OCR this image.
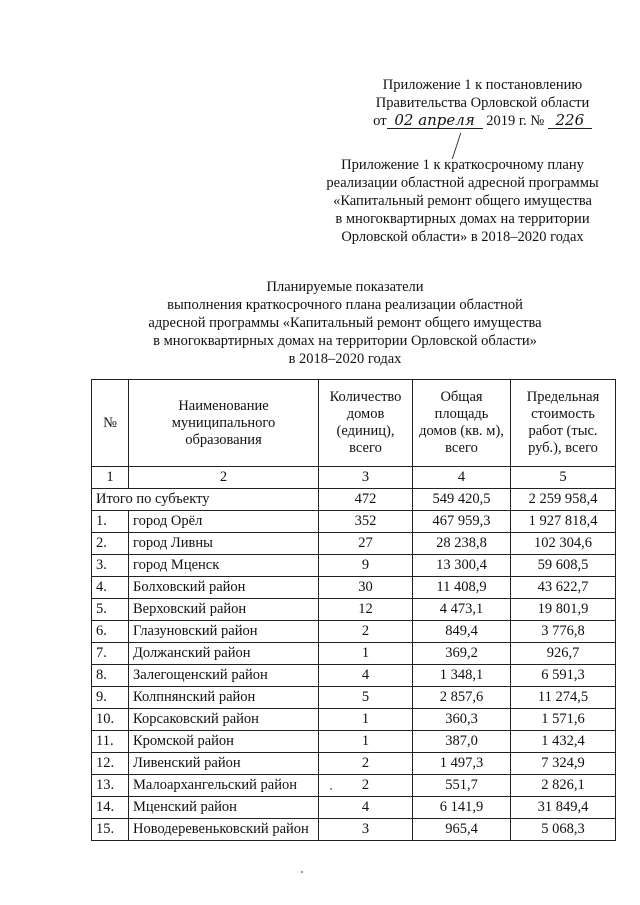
Приложение 1 к постановлению
Правительства Орловской области
от 02 апреля 2019 г. № 226
Приложение 1 к краткосрочному плану
реализации областной адресной программы
«Капитальный ремонт общего имущества
в многоквартирных домах на территории
Орловской области» в 2018–2020 годах
Планируемые показатели
выполнения краткосрочного плана реализации областной
адресной программы «Капитальный ремонт общего имущества
в многоквартирных домах на территории Орловской области»
в 2018–2020 годах
№	Наименование муниципального образования	Количество домов (единиц), всего	Общая площадь домов (кв. м), всего	Предельная стоимость работ (тыс. руб.), всего
1	2	3	4	5
Итого по субъекту		472	549 420,5	2 259 958,4
1.	город Орёл	352	467 959,3	1 927 818,4
2.	город Ливны	27	28 238,8	102 304,6
3.	город Мценск	9	13 300,4	59 608,5
4.	Болховский район	30	11 408,9	43 622,7
5.	Верховский район	12	4 473,1	19 801,9
6.	Глазуновский район	2	849,4	3 776,8
7.	Должанский район	1	369,2	926,7
8.	Залегощенский район	4	1 348,1	6 591,3
9.	Колпнянский район	5	2 857,6	11 274,5
10.	Корсаковский район	1	360,3	1 571,6
11.	Кромской район	1	387,0	1 432,4
12.	Ливенский район	2	1 497,3	7 324,9
13.	Малоархангельский район	2	551,7	2 826,1
14.	Мценский район	4	6 141,9	31 849,4
15.	Новодеревеньковский район	3	965,4	5 068,3
